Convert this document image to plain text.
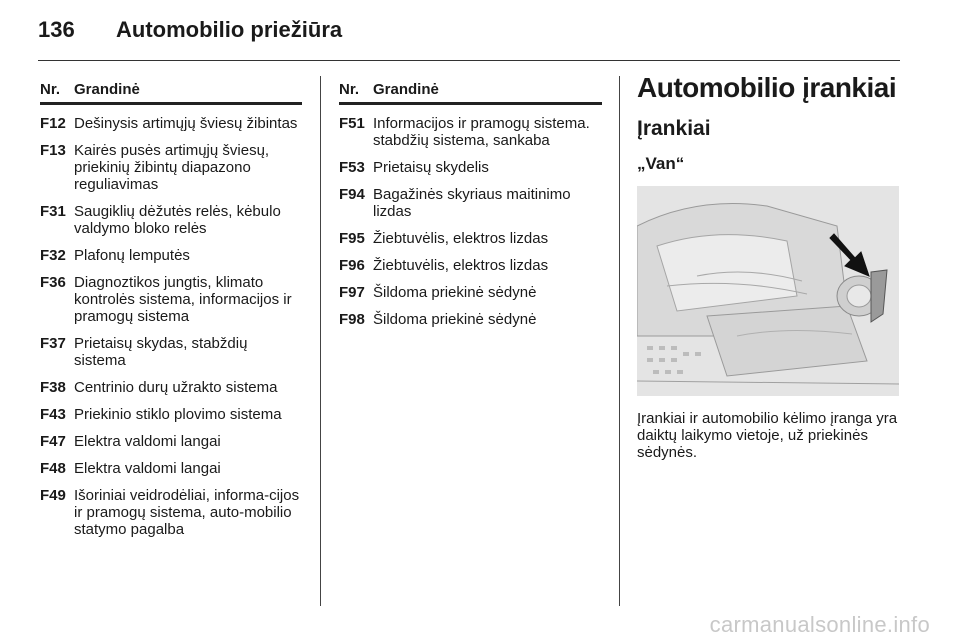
136 Automobilio priežiūra
Nr. Grandinė
F12 Dešinysis artimųjų šviesų žibintas
F13 Kairės pusės artimųjų šviesų, priekinių žibintų diapazono reguliavimas
F31 Saugiklių dėžutės relės, kėbulo valdymo bloko relės
F32 Plafonų lemputės
F36 Diagnoztikos jungtis, klimato kontrolės sistema, informacijos ir pramogų sistema
F37 Prietaisų skydas, stabždių sistema
F38 Centrinio durų užrakto sistema
F43 Priekinio stiklo plovimo sistema
F47 Elektra valdomi langai
F48 Elektra valdomi langai
F49 Išoriniai veidrodėliai, informa-cijos ir pramogų sistema, auto-mobilio statymo pagalba
Nr. Grandinė
F51 Informacijos ir pramogų sistema. stabdžių sistema, sankaba
F53 Prietaisų skydelis
F94 Bagažinės skyriaus maitinimo lizdas
F95 Žiebtuvėlis, elektros lizdas
F96 Žiebtuvėlis, elektros lizdas
F97 Šildoma priekinė sėdynė
F98 Šildoma priekinė sėdynė
Automobilio įrankiai
Įrankiai
„Van“
Įrankiai ir automobilio kėlimo įranga yra daiktų laikymo vietoje, už priekinės sėdynės.
carmanualsonline.info
